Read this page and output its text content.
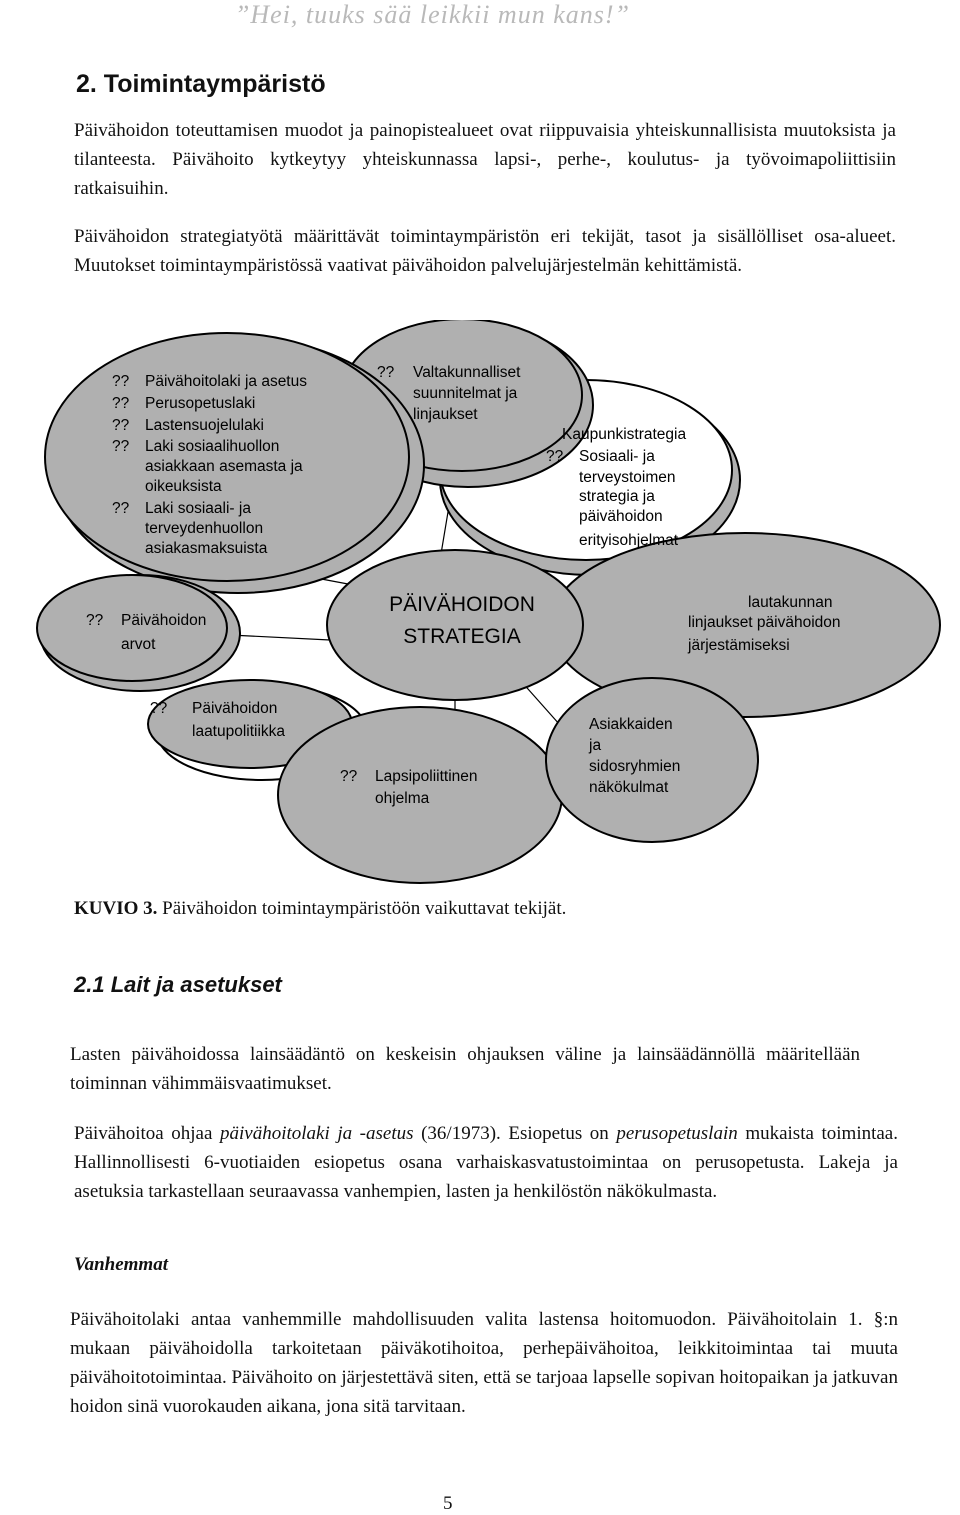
”Hei, tuuks sää leikkii mun kans!”
2. Toimintaympäristö
Päivähoidon toteuttamisen muodot ja painopistealueet ovat riippuvaisia yhteiskunnallisista muutoksista ja tilanteesta. Päivähoito kytkeytyy yhteiskunnassa lapsi-, perhe-, koulutus- ja työvoimapoliittisiin ratkaisuihin.
Päivähoidon strategiatyötä määrittävät toimintaympäristön eri tekijät, tasot ja sisällölliset osa-alueet. Muutokset toimintaympäristössä vaativat päivähoidon palvelujärjestelmän kehittämistä.
?? Päivähoitolaki ja asetus
?? Perusopetuslaki
?? Lastensuojelulaki
?? Laki sosiaalihuollon
asiakkaan asemasta ja
oikeuksista
?? Laki sosiaali- ja
terveydenhuollon
asiakasmaksuista
?? Valtakunnalliset
suunnitelmat ja
linjaukset
Kaupunkistrategia
?? Sosiaali- ja
terveystoimen
strategia ja
päivähoidon
erityisohjelmat
?? Päivähoidon
arvot
PÄIVÄHOIDON
STRATEGIA
lautakunnan
linjaukset päivähoidon
järjestämiseksi
?? Päivähoidon
laatupolitiikka
?? Lapsipoliittinen
ohjelma
Asiakkaiden
ja
sidosryhmien
näkökulmat
KUVIO 3. Päivähoidon toimintaympäristöön vaikuttavat tekijät.
2.1 Lait ja asetukset
Lasten päivähoidossa lainsäädäntö on keskeisin ohjauksen väline ja lainsäädännöllä määritellään toiminnan vähimmäisvaatimukset.
Päivähoitoa ohjaa päivähoitolaki ja -asetus (36/1973). Esiopetus on perusopetuslain mukaista toimintaa. Hallinnollisesti 6-vuotiaiden esiopetus osana varhaiskasvatustoimintaa on perusopetusta. Lakeja ja asetuksia tarkastellaan seuraavassa vanhempien, lasten ja henkilöstön näkökulmasta.
Vanhemmat
Päivähoitolaki antaa vanhemmille mahdollisuuden valita lastensa hoitomuodon. Päivähoitolain 1. §:n mukaan päivähoidolla tarkoitetaan päiväkotihoitoa, perhepäivähoitoa, leikkitoimintaa tai muuta päivähoitotoimintaa. Päivähoito on järjestettävä siten, että se tarjoaa lapselle sopivan hoitopaikan ja jatkuvan hoidon sinä vuorokauden aikana, jona sitä tarvitaan.
5
